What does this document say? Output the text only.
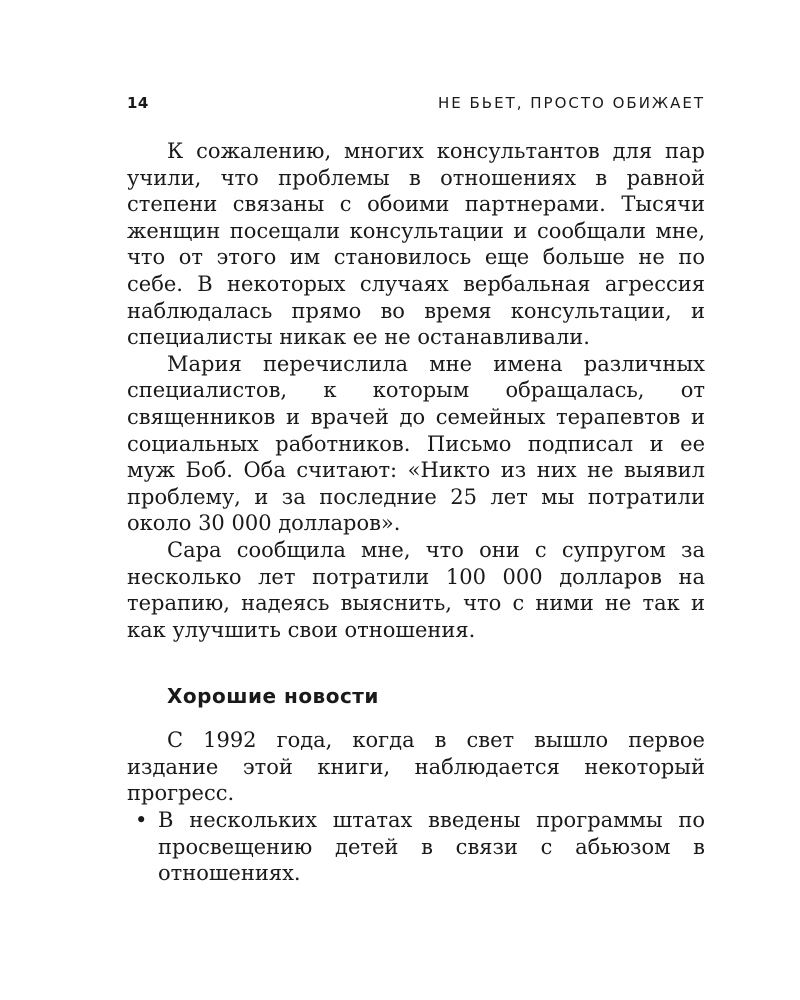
14	НЕ БЬЕТ, ПРОСТО ОБИЖАЕТ

К сожалению, многих консультантов для пар учили, что проблемы в отношениях в равной степени связаны с обоими партнерами. Тысячи женщин посещали консультации и сообщали мне, что от этого им становилось еще больше не по себе. В некоторых случаях вербальная агрессия наблюдалась прямо во время консультации, и специалисты никак ее не останавливали.

Мария перечислила мне имена различных специалистов, к которым обращалась, от священников и врачей до семейных терапевтов и социальных работников. Письмо подписал и ее муж Боб. Оба считают: «Никто из них не выявил проблему, и за последние 25 лет мы потратили около 30 000 долларов».

Сара сообщила мне, что они с супругом за несколько лет потратили 100 000 долларов на терапию, надеясь выяснить, что с ними не так и как улучшить свои отношения.

Хорошие новости

С 1992 года, когда в свет вышло первое издание этой книги, наблюдается некоторый прогресс.

• В нескольких штатах введены программы по просвещению детей в связи с абьюзом в отношениях.
